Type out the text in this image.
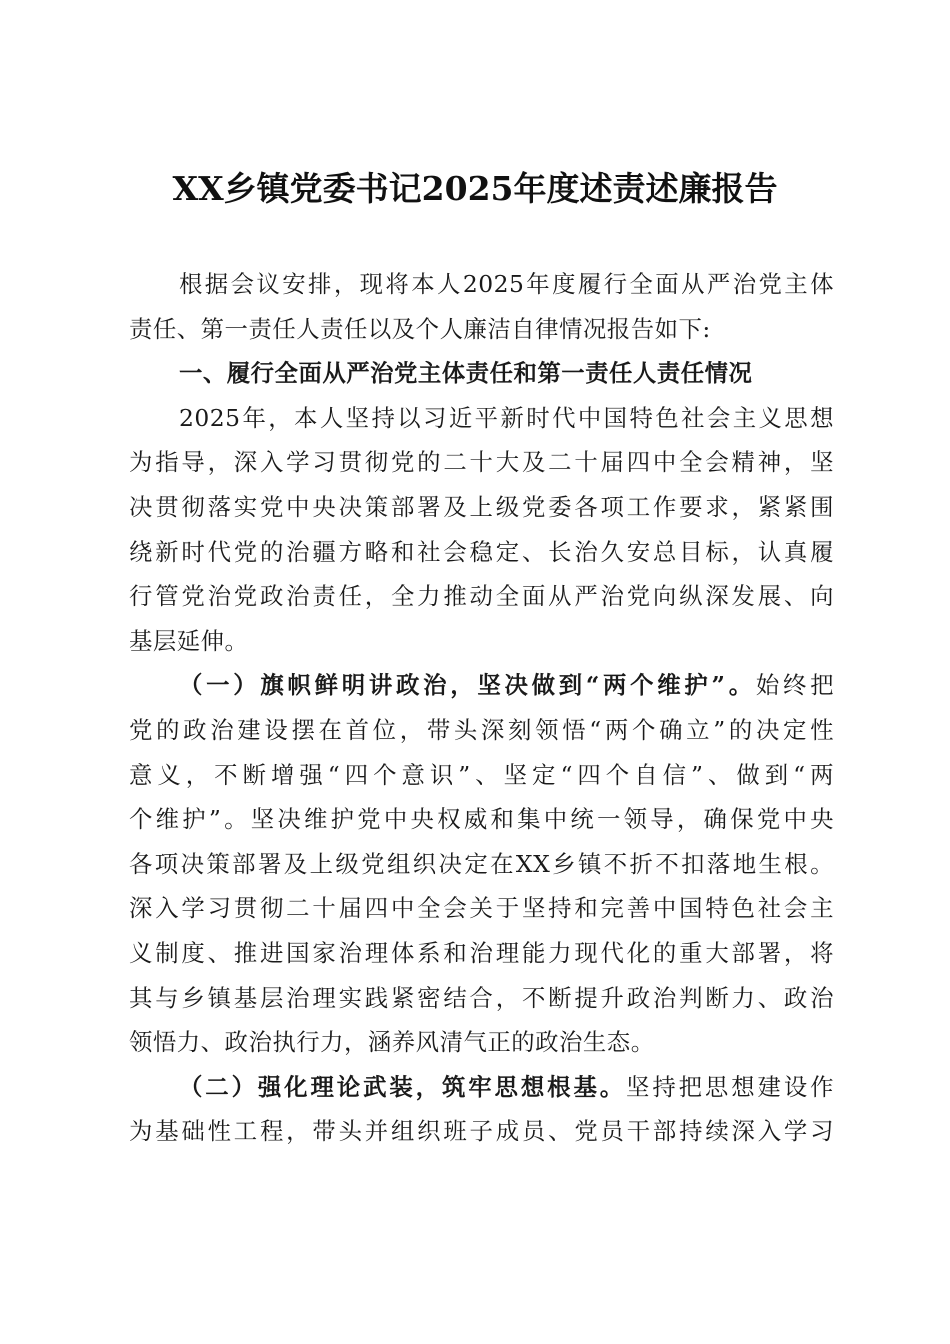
XX乡镇党委书记2025年度述责述廉报告
根据会议安排，现将本人2025年度履行全面从严治党主体
责任、第一责任人责任以及个人廉洁自律情况报告如下:
一、履行全面从严治党主体责任和第一责任人责任情况
2025年，本人坚持以习近平新时代中国特色社会主义思想
为指导，深入学习贯彻党的二十大及二十届四中全会精神，坚
决贯彻落实党中央决策部署及上级党委各项工作要求，紧紧围
绕新时代党的治疆方略和社会稳定、长治久安总目标，认真履
行管党治党政治责任，全力推动全面从严治党向纵深发展、向
基层延伸。
（一）旗帜鲜明讲政治，坚决做到“两个维护”。始终把
党的政治建设摆在首位，带头深刻领悟“两个确立”的决定性
意义，不断增强“四个意识”、坚定“四个自信”、做到“两
个维护”。坚决维护党中央权威和集中统一领导，确保党中央
各项决策部署及上级党组织决定在XX乡镇不折不扣落地生根。
深入学习贯彻二十届四中全会关于坚持和完善中国特色社会主
义制度、推进国家治理体系和治理能力现代化的重大部署，将
其与乡镇基层治理实践紧密结合，不断提升政治判断力、政治
领悟力、政治执行力，涵养风清气正的政治生态。
（二）强化理论武装，筑牢思想根基。坚持把思想建设作
为基础性工程，带头并组织班子成员、党员干部持续深入学习
